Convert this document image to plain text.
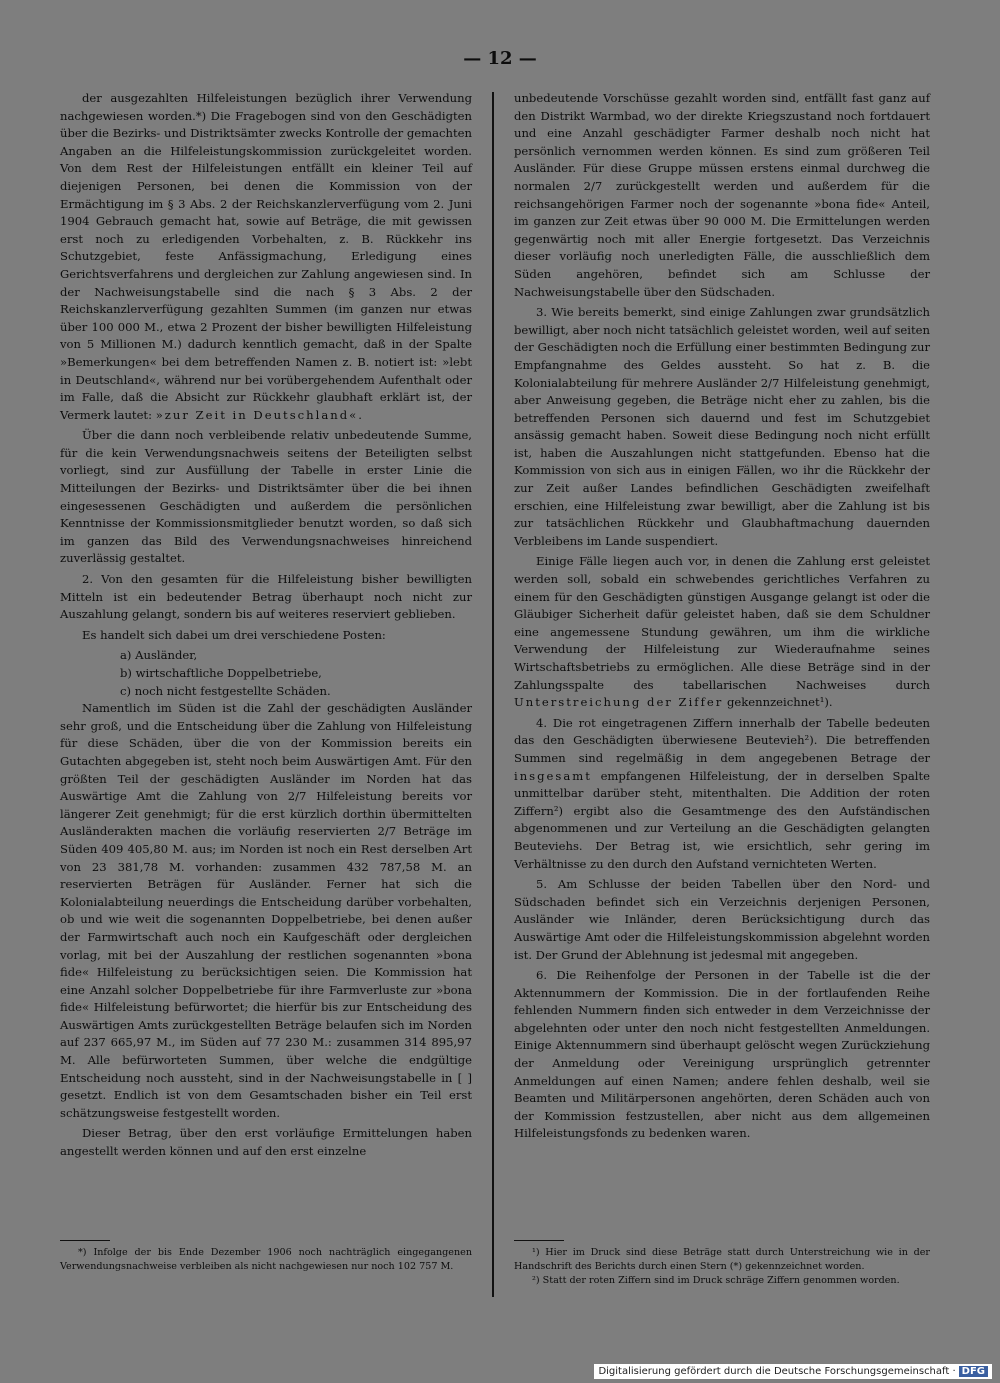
— 12 —

der ausgezahlten Hilfeleistungen bezüglich ihrer Verwendung nachgewiesen worden.*) Die Fragebogen sind von den Geschädigten über die Bezirks- und Distriktsämter zwecks Kontrolle der gemachten Angaben an die Hilfeleistungskommission zurückgeleitet worden. Von dem Rest der Hilfeleistungen entfällt ein kleiner Teil auf diejenigen Personen, bei denen die Kommission von der Ermächtigung im § 3 Abs. 2 der Reichskanzlerverfügung vom 2. Juni 1904 Gebrauch gemacht hat, sowie auf Beträge, die mit gewissen erst noch zu erledigenden Vorbehalten, z. B. Rückkehr ins Schutzgebiet, feste Anfässigmachung, Erledigung eines Gerichtsverfahrens und dergleichen zur Zahlung angewiesen sind. In der Nachweisungstabelle sind die nach § 3 Abs. 2 der Reichskanzlerverfügung gezahlten Summen (im ganzen nur etwas über 100 000 M., etwa 2 Prozent der bisher bewilligten Hilfeleistung von 5 Millionen M.) dadurch kenntlich gemacht, daß in der Spalte »Bemerkungen« bei dem betreffenden Namen z. B. notiert ist: »lebt in Deutschland«, während nur bei vorübergehendem Aufenthalt oder im Falle, daß die Absicht zur Rückkehr glaubhaft erklärt ist, der Vermerk lautet: »zur Zeit in Deutschland«.

Über die dann noch verbleibende relativ unbedeutende Summe, für die kein Verwendungsnachweis seitens der Beteiligten selbst vorliegt, sind zur Ausfüllung der Tabelle in erster Linie die Mitteilungen der Bezirks- und Distriktsämter über die bei ihnen eingesessenen Geschädigten und außerdem die persönlichen Kenntnisse der Kommissionsmitglieder benutzt worden, so daß sich im ganzen das Bild des Verwendungsnachweises hinreichend zuverlässig gestaltet.

2. Von den gesamten für die Hilfeleistung bisher bewilligten Mitteln ist ein bedeutender Betrag überhaupt noch nicht zur Auszahlung gelangt, sondern bis auf weiteres reserviert geblieben.

Es handelt sich dabei um drei verschiedene Posten:

a) Ausländer,
b) wirtschaftliche Doppelbetriebe,
c) noch nicht festgestellte Schäden.

Namentlich im Süden ist die Zahl der geschädigten Ausländer sehr groß, und die Entscheidung über die Zahlung von Hilfeleistung für diese Schäden, über die von der Kommission bereits ein Gutachten abgegeben ist, steht noch beim Auswärtigen Amt. Für den größten Teil der geschädigten Ausländer im Norden hat das Auswärtige Amt die Zahlung von 2/7 Hilfeleistung bereits vor längerer Zeit genehmigt; für die erst kürzlich dorthin übermittelten Ausländerakten machen die vorläufig reservierten 2/7 Beträge im Süden 409 405,80 M. aus; im Norden ist noch ein Rest derselben Art von 23 381,78 M. vorhanden: zusammen 432 787,58 M. an reservierten Beträgen für Ausländer. Ferner hat sich die Kolonialabteilung neuerdings die Entscheidung darüber vorbehalten, ob und wie weit die sogenannten Doppelbetriebe, bei denen außer der Farmwirtschaft auch noch ein Kaufgeschäft oder dergleichen vorlag, mit bei der Auszahlung der restlichen sogenannten »bona fide« Hilfeleistung zu berücksichtigen seien. Die Kommission hat eine Anzahl solcher Doppelbetriebe für ihre Farmverluste zur »bona fide« Hilfeleistung befürwortet; die hierfür bis zur Entscheidung des Auswärtigen Amts zurückgestellten Beträge belaufen sich im Norden auf 237 665,97 M., im Süden auf 77 230 M.: zusammen 314 895,97 M. Alle befürworteten Summen, über welche die endgültige Entscheidung noch aussteht, sind in der Nachweisungstabelle in [ ] gesetzt. Endlich ist von dem Gesamtschaden bisher ein Teil erst schätzungsweise festgestellt worden.

Dieser Betrag, über den erst vorläufige Ermittelungen haben angestellt werden können und auf den erst einzelne

unbedeutende Vorschüsse gezahlt worden sind, entfällt fast ganz auf den Distrikt Warmbad, wo der direkte Kriegszustand noch fortdauert und eine Anzahl geschädigter Farmer deshalb noch nicht hat persönlich vernommen werden können. Es sind zum größeren Teil Ausländer. Für diese Gruppe müssen erstens einmal durchweg die normalen 2/7 zurückgestellt werden und außerdem für die reichsangehörigen Farmer noch der sogenannte »bona fide« Anteil, im ganzen zur Zeit etwas über 90 000 M. Die Ermittelungen werden gegenwärtig noch mit aller Energie fortgesetzt. Das Verzeichnis dieser vorläufig noch unerledigten Fälle, die ausschließlich dem Süden angehören, befindet sich am Schlusse der Nachweisungstabelle über den Südschaden.

3. Wie bereits bemerkt, sind einige Zahlungen zwar grundsätzlich bewilligt, aber noch nicht tatsächlich geleistet worden, weil auf seiten der Geschädigten noch die Erfüllung einer bestimmten Bedingung zur Empfangnahme des Geldes aussteht. So hat z. B. die Kolonialabteilung für mehrere Ausländer 2/7 Hilfeleistung genehmigt, aber Anweisung gegeben, die Beträge nicht eher zu zahlen, bis die betreffenden Personen sich dauernd und fest im Schutzgebiet ansässig gemacht haben. Soweit diese Bedingung noch nicht erfüllt ist, haben die Auszahlungen nicht stattgefunden. Ebenso hat die Kommission von sich aus in einigen Fällen, wo ihr die Rückkehr der zur Zeit außer Landes befindlichen Geschädigten zweifelhaft erschien, eine Hilfeleistung zwar bewilligt, aber die Zahlung ist bis zur tatsächlichen Rückkehr und Glaubhaftmachung dauernden Verbleibens im Lande suspendiert.

Einige Fälle liegen auch vor, in denen die Zahlung erst geleistet werden soll, sobald ein schwebendes gerichtliches Verfahren zu einem für den Geschädigten günstigen Ausgange gelangt ist oder die Gläubiger Sicherheit dafür geleistet haben, daß sie dem Schuldner eine angemessene Stundung gewähren, um ihm die wirkliche Verwendung der Hilfeleistung zur Wiederaufnahme seines Wirtschaftsbetriebs zu ermöglichen. Alle diese Beträge sind in der Zahlungsspalte des tabellarischen Nachweises durch Unterstreichung der Ziffer gekennzeichnet¹).

4. Die rot eingetragenen Ziffern innerhalb der Tabelle bedeuten das den Geschädigten überwiesene Beutevieh²). Die betreffenden Summen sind regelmäßig in dem angegebenen Betrage der insgesamt empfangenen Hilfeleistung, der in derselben Spalte unmittelbar darüber steht, mitenthalten. Die Addition der roten Ziffern²) ergibt also die Gesamtmenge des den Aufständischen abgenommenen und zur Verteilung an die Geschädigten gelangten Beuteviehs. Der Betrag ist, wie ersichtlich, sehr gering im Verhältnisse zu den durch den Aufstand vernichteten Werten.

5. Am Schlusse der beiden Tabellen über den Nord- und Südschaden befindet sich ein Verzeichnis derjenigen Personen, Ausländer wie Inländer, deren Berücksichtigung durch das Auswärtige Amt oder die Hilfeleistungskommission abgelehnt worden ist. Der Grund der Ablehnung ist jedesmal mit angegeben.

6. Die Reihenfolge der Personen in der Tabelle ist die der Aktennummern der Kommission. Die in der fortlaufenden Reihe fehlenden Nummern finden sich entweder in dem Verzeichnisse der abgelehnten oder unter den noch nicht festgestellten Anmeldungen. Einige Aktennummern sind überhaupt gelöscht wegen Zurückziehung der Anmeldung oder Vereinigung ursprünglich getrennter Anmeldungen auf einen Namen; andere fehlen deshalb, weil sie Beamten und Militärpersonen angehörten, deren Schäden auch von der Kommission festzustellen, aber nicht aus dem allgemeinen Hilfeleistungsfonds zu bedenken waren.

*) Infolge der bis Ende Dezember 1906 noch nachträglich eingegangenen Verwendungsnachweise verbleiben als nicht nachgewiesen nur noch 102 757 M.

¹) Hier im Druck sind diese Beträge statt durch Unterstreichung wie in der Handschrift des Berichts durch einen Stern (*) gekennzeichnet worden.

²) Statt der roten Ziffern sind im Druck schräge Ziffern genommen worden.

Digitalisierung gefördert durch die Deutsche Forschungsgemeinschaft · DFG
